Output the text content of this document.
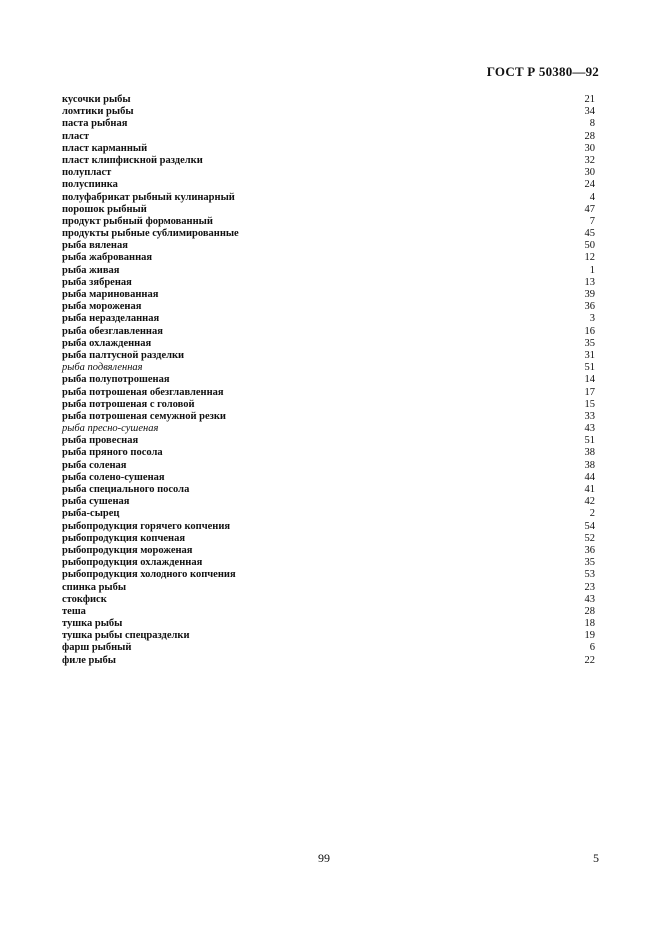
ГОСТ Р 50380—92
кусочки рыбы	21
ломтики рыбы	34
паста рыбная	8
пласт	28
пласт карманный	30
пласт клипфискной разделки	32
полупласт	30
полуспинка	24
полуфабрикат рыбный кулинарный	4
порошок рыбный	47
продукт рыбный формованный	7
продукты рыбные сублимированные	45
рыба вяленая	50
рыба жаброванная	12
рыба живая	1
рыба зябреная	13
рыба маринованная	39
рыба мороженая	36
рыба неразделанная	3
рыба обезглавленная	16
рыба охлажденная	35
рыба палтусной разделки	31
рыба подвяленная	51
рыба полупотрошеная	14
рыба потрошеная обезглавленная	17
рыба потрошеная с головой	15
рыба потрошеная семужной резки	33
рыба пресно-сушеная	43
рыба провесная	51
рыба пряного посола	38
рыба соленая	38
рыба солено-сушеная	44
рыба специального посола	41
рыба сушеная	42
рыба-сырец	2
рыбопродукция горячего копчения	54
рыбопродукция копченая	52
рыбопродукция мороженая	36
рыбопродукция охлажденная	35
рыбопродукция холодного копчения	53
спинка рыбы	23
стокфиск	43
теша	28
тушка рыбы	18
тушка рыбы спецразделки	19
фарш рыбный	6
филе рыбы	22
99	5
